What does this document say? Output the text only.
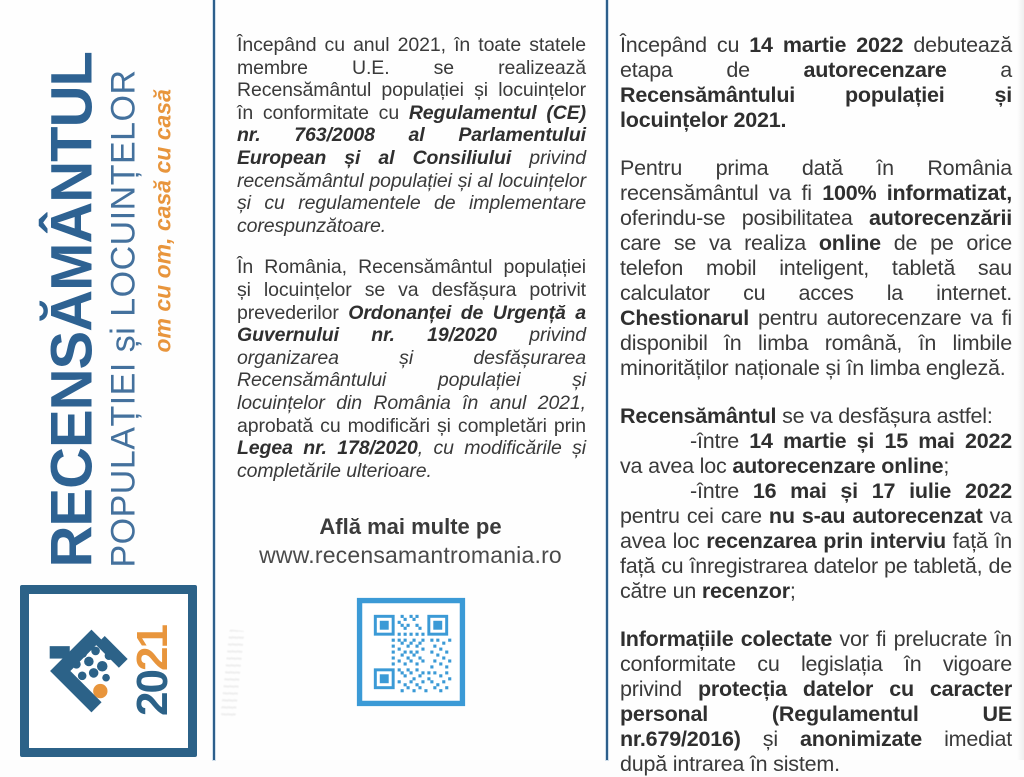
RECENSĂMÂNTUL POPULAȚIEI și LOCUINȚELOR om cu om, casă cu casă
2021

Începând cu anul 2021, în toate statele membre U.E. se realizează Recensământul populației și locuințelor în conformitate cu Regulamentul (CE) nr. 763/2008 al Parlamentului European și al Consiliului privind recensământul populației și al locuințelor și cu regulamentele de implementare corespunzătoare.

În România, Recensământul populației și locuințelor se va desfășura potrivit prevederilor Ordonanței de Urgență a Guvernului nr. 19/2020 privind organizarea și desfășurarea Recensământului populației și locuințelor din România în anul 2021, aprobată cu modificări și completări prin Legea nr. 178/2020, cu modificările și completările ulterioare.

Află mai multe pe
www.recensamantromania.ro

Începând cu 14 martie 2022 debutează etapa de autorecenzare a Recensământului populației și locuințelor 2021.

Pentru prima dată în România recensământul va fi 100% informatizat, oferindu-se posibilitatea autorecenzării care se va realiza online de pe orice telefon mobil inteligent, tabletă sau calculator cu acces la internet. Chestionarul pentru autorecenzare va fi disponibil în limba română, în limbile minorităților naționale și în limba engleză.

Recensământul se va desfășura astfel:

-între 14 martie și 15 mai 2022 va avea loc autorecenzare online;

-între 16 mai și 17 iulie 2022 pentru cei care nu s-au autorecenzat va avea loc recenzarea prin interviu față în față cu înregistrarea datelor pe tabletă, de către un recenzor;

Informațiile colectate vor fi prelucrate în conformitate cu legislația în vigoare privind protecția datelor cu caracter personal (Regulamentul UE nr.679/2016) și anonimizate imediat după intrarea în sistem.
